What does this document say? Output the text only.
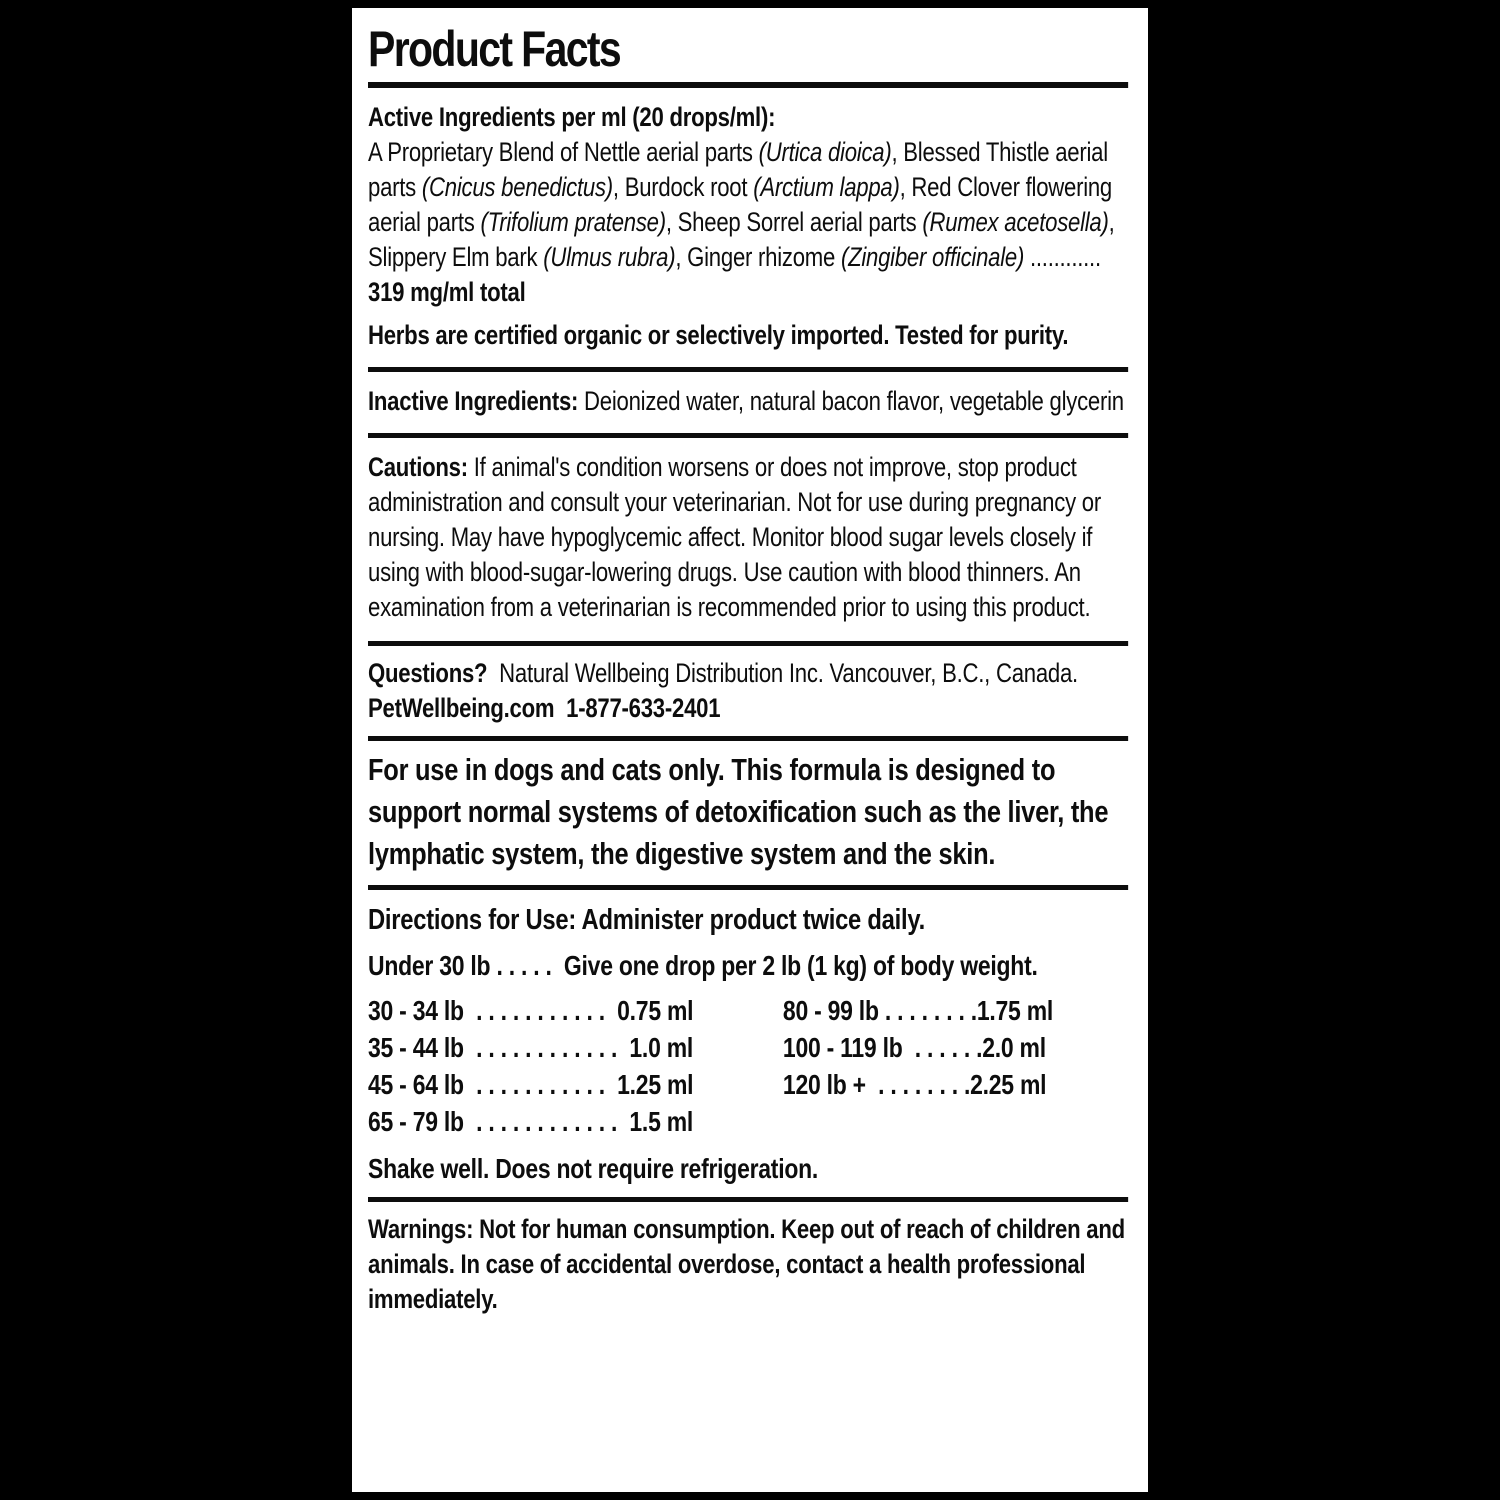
Product Facts

Active Ingredients per ml (20 drops/ml):

A Proprietary Blend of Nettle aerial parts (Urtica dioica), Blessed Thistle aerial parts (Cnicus benedictus), Burdock root (Arctium lappa), Red Clover flowering aerial parts (Trifolium pratense), Sheep Sorrel aerial parts (Rumex acetosella), Slippery Elm bark (Ulmus rubra), Ginger rhizome (Zingiber officinale) ............ 319 mg/ml total

Herbs are certified organic or selectively imported. Tested for purity.

Inactive Ingredients: Deionized water, natural bacon flavor, vegetable glycerin

Cautions: If animal's condition worsens or does not improve, stop product administration and consult your veterinarian. Not for use during pregnancy or nursing. May have hypoglycemic affect. Monitor blood sugar levels closely if using with blood-sugar-lowering drugs. Use caution with blood thinners. An examination from a veterinarian is recommended prior to using this product.

Questions?  Natural Wellbeing Distribution Inc. Vancouver, B.C., Canada.

PetWellbeing.com  1-877-633-2401

For use in dogs and cats only. This formula is designed to support normal systems of detoxification such as the liver, the lymphatic system, the digestive system and the skin.

Directions for Use: Administer product twice daily.

Under 30 lb . . . . .  Give one drop per 2 lb (1 kg) of body weight.

30 - 34 lb  . . . . . . . . . . .  0.75 ml

35 - 44 lb  . . . . . . . . . . . .  1.0 ml

45 - 64 lb  . . . . . . . . . . .  1.25 ml

65 - 79 lb  . . . . . . . . . . . .  1.5 ml

80 - 99 lb . . . . . . . .1.75 ml

100 - 119 lb  . . . . . .2.0 ml

120 lb +  . . . . . . . .2.25 ml

Shake well. Does not require refrigeration.

Warnings: Not for human consumption. Keep out of reach of children and animals. In case of accidental overdose, contact a health professional immediately.
